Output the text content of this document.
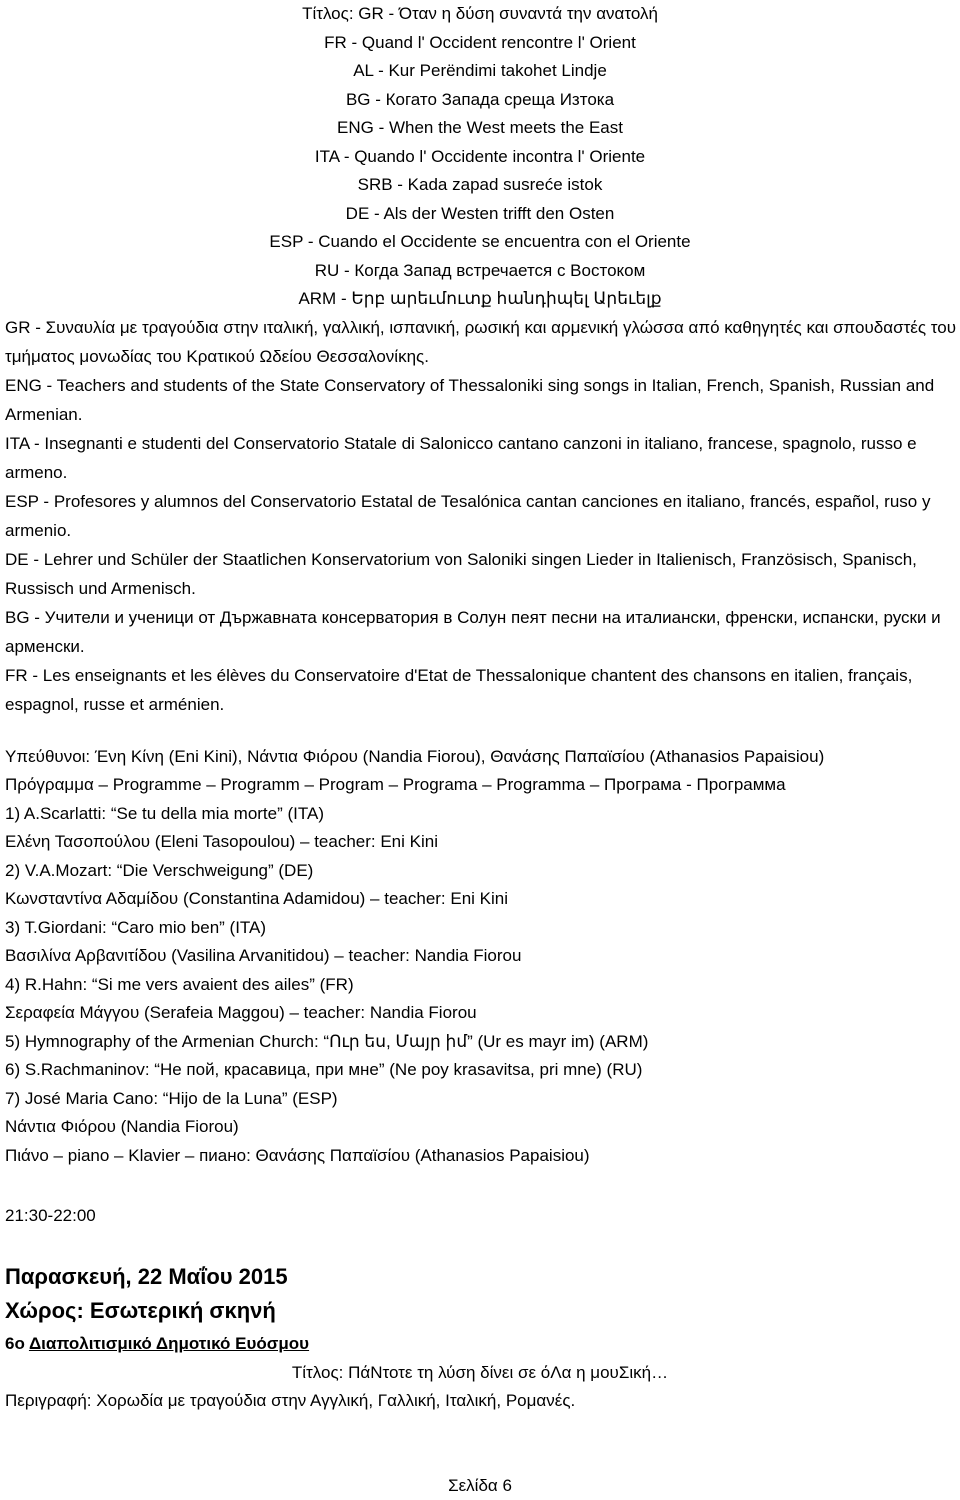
Τίτλος: GR - Όταν η δύση συναντά την ανατολή
FR - Quand l' Occident rencontre l' Orient
AL - Kur Perëndimi takohet Lindje
BG - Когато Запада среща Изтока
ENG - When the West meets the East
ITA - Quando l' Occidente incontra l' Oriente
SRB - Kada zapad susreće istok
DE - Als der Westen trifft den Osten
ESP - Cuando el Occidente se encuentra con el Oriente
RU - Когда Запад встречается с Востоком
ARM - Երբ արեւմուտք հանդիպել Արեւելք
GR - Συναυλία με τραγούδια στην ιταλική, γαλλική, ισπανική, ρωσική και αρμενική γλώσσα από καθηγητές και σπουδαστές του τμήματος μονωδίας του Κρατικού Ωδείου Θεσσαλονίκης.
ENG - Teachers and students of the State Conservatory of Thessaloniki sing songs in Italian, French, Spanish, Russian and Armenian.
ITA - Insegnanti e studenti del Conservatorio Statale di Salonicco cantano canzoni in italiano, francese, spagnolo, russo e armeno.
ESP - Profesores y alumnos del Conservatorio Estatal de Tesalónica cantan canciones en italiano, francés, español, ruso y armenio.
DE - Lehrer und Schüler der Staatlichen Konservatorium von Saloniki singen Lieder in Italienisch, Französisch, Spanisch, Russisch und Armenisch.
BG - Учители и ученици от Държавната консерватория в Солун пеят песни на италиански, френски, испански, руски и арменски.
FR - Les enseignants et les élèves du Conservatoire d'Etat de Thessalonique chantent des chansons en italien, français, espagnol, russe et arménien.
Υπεύθυνοι: Ένη Κίνη (Eni Kini), Νάντια Φιόρου (Nandia Fiorou), Θανάσης Παπαϊσίου (Athanasios Papaisiou)
Πρόγραμμα – Programme – Programm – Program – Programa – Programma – Програма - Программа
1) A.Scarlatti: “Se tu della mia morte” (ITA)
Ελένη Τασοπούλου (Eleni Tasopoulou) – teacher: Eni Kini
2) V.A.Mozart: “Die Verschweigung” (DE)
Κωνσταντίνα Αδαμίδου (Constantina Adamidou) – teacher: Eni Kini
3) T.Giordani: “Caro mio ben” (ITA)
Βασιλίνα Αρβανιτίδου (Vasilina Arvanitidou) – teacher: Nandia Fiorou
4) R.Hahn: “Si me vers avaient des ailes” (FR)
Σεραφεία Μάγγου (Serafeia Maggou) – teacher: Nandia Fiorou
5) Hymnography of the Armenian Church: “Ուր ես, Մայր իմ” (Ur es mayr im) (ARM)
6) S.Rachmaninov: “Не пой, красавица, при мне” (Ne poy krasavitsa, pri mne) (RU)
7) José Maria Cano: “Hijo de la Luna” (ESP)
Νάντια Φιόρου (Nandia Fiorou)
Πιάνο – piano – Klavier – пиано: Θανάσης Παπαϊσίου (Athanasios Papaisiou)
21:30-22:00
Παρασκευή, 22 Μαΐου 2015
Χώρος: Εσωτερική σκηνή
6ο Διαπολιτισμικό Δημοτικό Ευόσμου
Τίτλος: ΠάΝτοτε τη λύση δίνει σε όΛα η μουΣική…
Περιγραφή: Χορωδία με τραγούδια στην Αγγλική, Γαλλική, Ιταλική, Ρομανές.
Σελίδα 6
